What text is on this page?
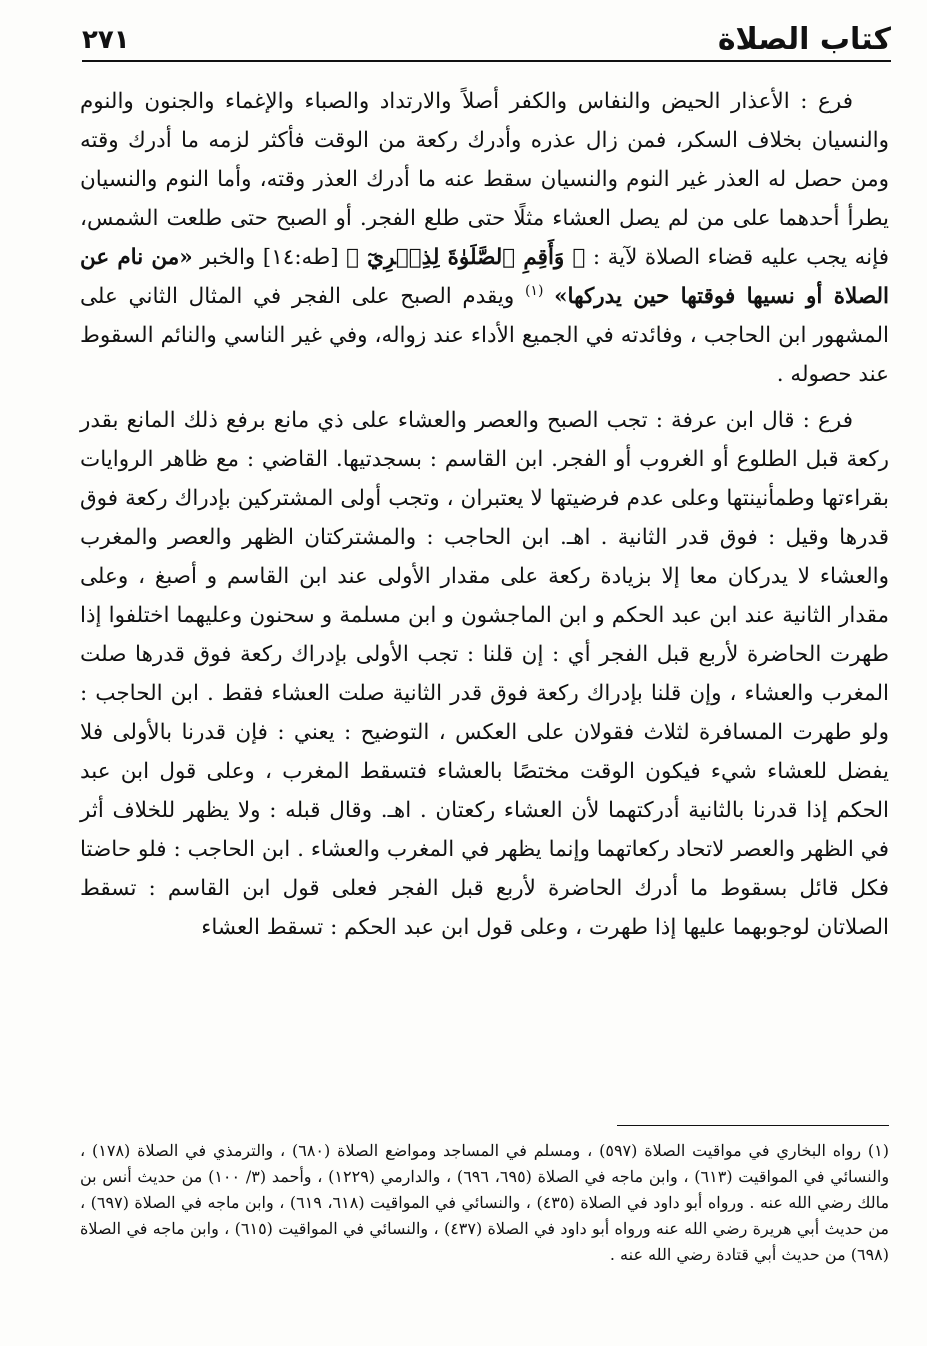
كتاب الصلاة
٢٧١

فرع : الأعذار الحيض والنفاس والكفر أصلاً والارتداد والصباء والإغماء والجنون والنوم والنسيان بخلاف السكر، فمن زال عذره وأدرك ركعة من الوقت فأكثر لزمه ما أدرك وقته ومن حصل له العذر غير النوم والنسيان سقط عنه ما أدرك العذر وقته، وأما النوم والنسيان يطرأ أحدهما على من لم يصل العشاء مثلًا حتى طلع الفجر. أو الصبح حتى طلعت الشمس، فإنه يجب عليه قضاء الصلاة لآية : ﴿ وَأَقِمِ ٱلصَّلَوٰةَ لِذِكۡرِيٓ ﴾ [طه:١٤] والخبر «من نام عن الصلاة أو نسيها فوقتها حين يدركها» $^{(١)}$ ويقدم الصبح على الفجر في المثال الثاني على المشهور ابن الحاجب ، وفائدته في الجميع الأداء عند زواله، وفي غير الناسي والنائم السقوط عند حصوله .

فرع : قال ابن عرفة : تجب الصبح والعصر والعشاء على ذي مانع برفع ذلك المانع بقدر ركعة قبل الطلوع أو الغروب أو الفجر. ابن القاسم : بسجدتيها. القاضي : مع ظاهر الروايات بقراءتها وطمأنينتها وعلى عدم فرضيتها لا يعتبران ، وتجب أولى المشتركين بإدراك ركعة فوق قدرها وقيل : فوق قدر الثانية . اهـ. ابن الحاجب : والمشتركتان الظهر والعصر والمغرب والعشاء لا يدركان معا إلا بزيادة ركعة على مقدار الأولى عند ابن القاسم و أصبغ ، وعلى مقدار الثانية عند ابن عبد الحكم و ابن الماجشون و ابن مسلمة و سحنون وعليهما اختلفوا إذا طهرت الحاضرة لأربع قبل الفجر أي : إن قلنا : تجب الأولى بإدراك ركعة فوق قدرها صلت المغرب والعشاء ، وإن قلنا بإدراك ركعة فوق قدر الثانية صلت العشاء فقط . ابن الحاجب : ولو طهرت المسافرة لثلاث فقولان على العكس ، التوضيح : يعني : فإن قدرنا بالأولى فلا يفضل للعشاء شيء فيكون الوقت مختصًا بالعشاء فتسقط المغرب ، وعلى قول ابن عبد الحكم إذا قدرنا بالثانية أدركتهما لأن العشاء ركعتان . اهـ. وقال قبله : ولا يظهر للخلاف أثر في الظهر والعصر لاتحاد ركعاتهما وإنما يظهر في المغرب والعشاء . ابن الحاجب : فلو حاضتا فكل قائل بسقوط ما أدرك الحاضرة لأربع قبل الفجر فعلى قول ابن القاسم : تسقط الصلاتان لوجوبهما عليها إذا طهرت ، وعلى قول ابن عبد الحكم : تسقط العشاء

(١) رواه البخاري في مواقيت الصلاة (٥٩٧) ، ومسلم في المساجد ومواضع الصلاة (٦٨٠) ، والترمذي في الصلاة (١٧٨) ، والنسائي في المواقيت (٦١٣) ، وابن ماجه في الصلاة (٦٩٥، ٦٩٦) ، والدارمي (١٢٢٩) ، وأحمد (٣/ ١٠٠) من حديث أنس بن مالك رضي الله عنه . ورواه أبو داود في الصلاة (٤٣٥) ، والنسائي في المواقيت (٦١٨، ٦١٩) ، وابن ماجه في الصلاة (٦٩٧) ، من حديث أبي هريرة رضي الله عنه ورواه أبو داود في الصلاة (٤٣٧) ، والنسائي في المواقيت (٦١٥) ، وابن ماجه في الصلاة (٦٩٨) من حديث أبي قتادة رضي الله عنه .
